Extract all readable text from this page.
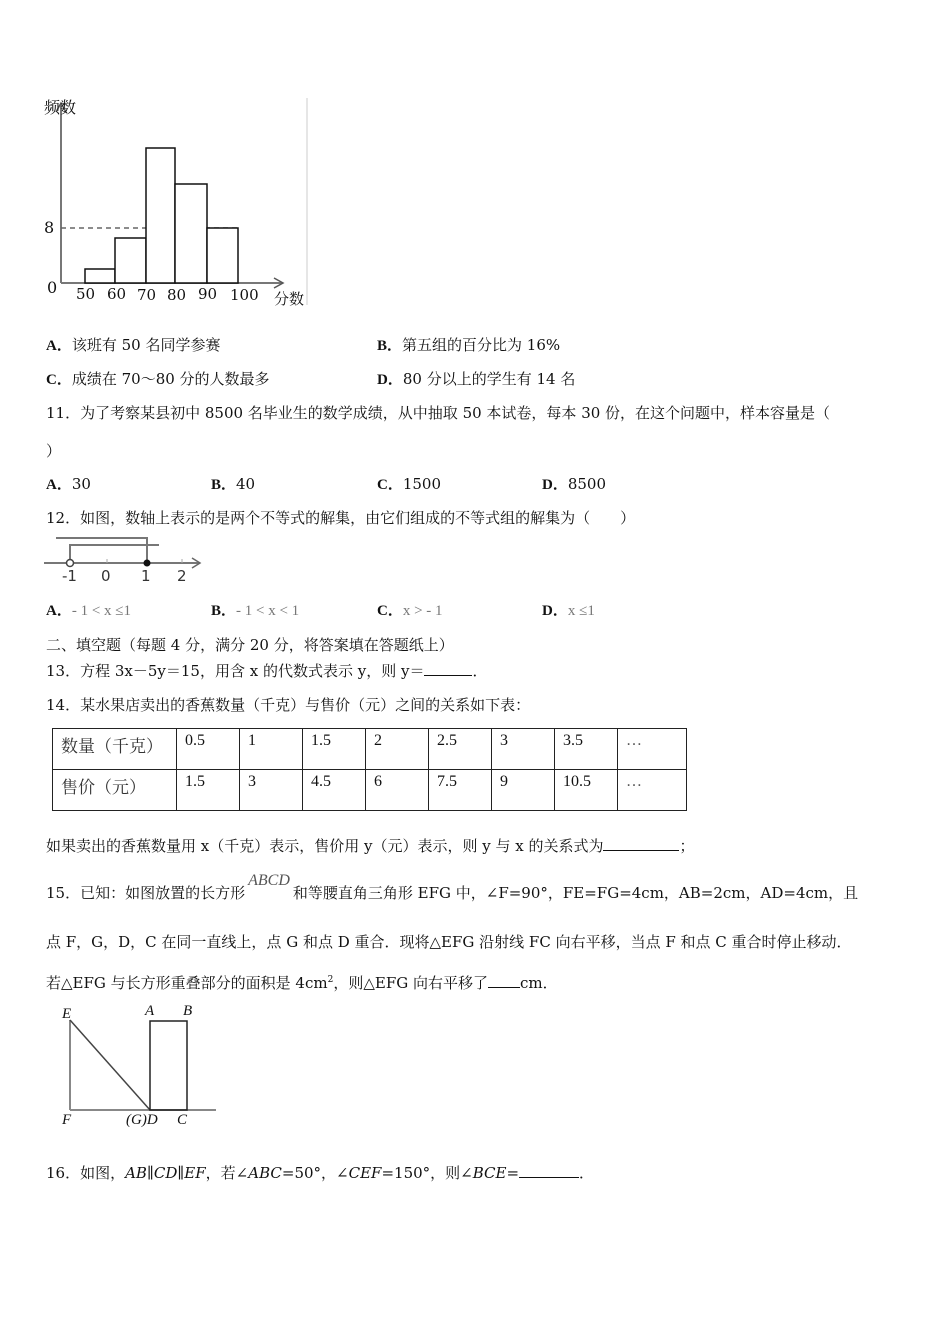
频数
8
0 50 60 70 80 90 100 分数
A．该班有 50 名同学参赛	B．第五组的百分比为 16%
C．成绩在 70～80 分的人数最多	D．80 分以上的学生有 14 名
11．为了考察某县初中 8500 名毕业生的数学成绩，从中抽取 50 本试卷，每本 30 份，在这个问题中，样本容量是（
）
A．30	B．40	C．1500	D．8500
12．如图，数轴上表示的是两个不等式的解集，由它们组成的不等式组的解集为（　　）
-1 0 1 2
A．- 1 < x ≤1	B．- 1 < x < 1	C．x > - 1	D．x ≤1
二、填空题（每题 4 分，满分 20 分，将答案填在答题纸上）
13．方程 3x－5y＝15，用含 x 的代数式表示 y，则 y＝	．
14．某水果店卖出的香蕉数量（千克）与售价（元）之间的关系如下表：
数量（千克）	0.5	1	1.5	2	2.5	3	3.5	…
售价（元）	1.5	3	4.5	6	7.5	9	10.5	…
如果卖出的香蕉数量用 x（千克）表示，售价用 y（元）表示，则 y 与 x 的关系式为	；
15．已知：如图放置的长方形ABCD和等腰直角三角形 EFG 中，∠F=90°，FE=FG=4cm，AB=2cm，AD=4cm，且
点 F，G，D，C 在同一直线上，点 G 和点 D 重合．现将△EFG 沿射线 FC 向右平移，当点 F 和点 C 重合时停止移动．
若△EFG 与长方形重叠部分的面积是 $4cm^2$，则△EFG 向右平移了 cm．
E	A B
F	(G)D C
16．如图，AB∥CD∥EF，若∠ABC=50°，∠CEF=150°，则∠BCE=	．
